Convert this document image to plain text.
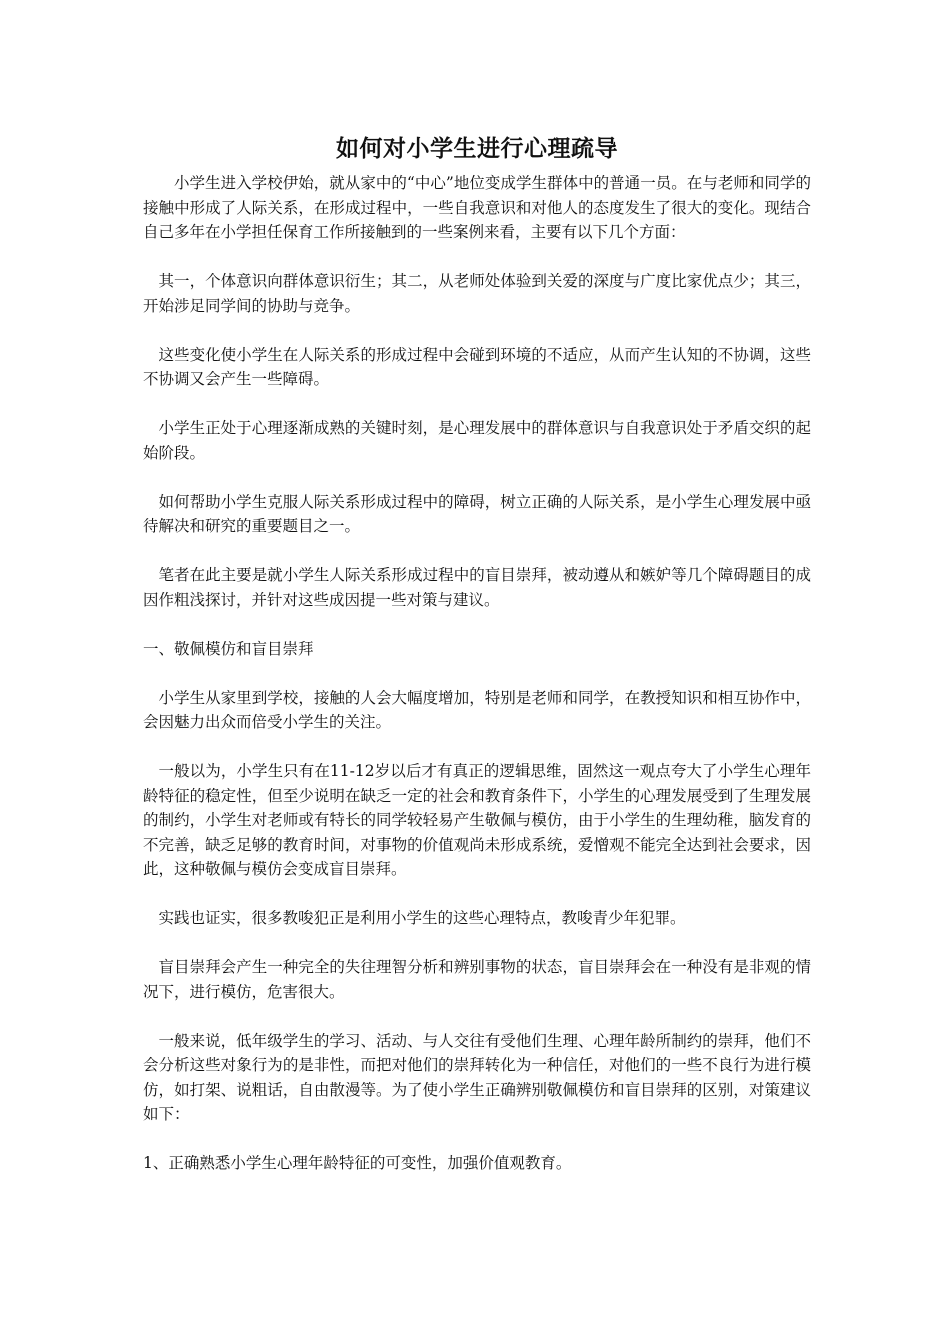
如何对小学生进行心理疏导

小学生进入学校伊始，就从家中的“中心”地位变成学生群体中的普通一员。在与老师和同学的接触中形成了人际关系，在形成过程中，一些自我意识和对他人的态度发生了很大的变化。现结合自己多年在小学担任保育工作所接触到的一些案例来看，主要有以下几个方面：

其一，个体意识向群体意识衍生；其二，从老师处体验到关爱的深度与广度比家优点少；其三，开始涉足同学间的协助与竞争。

这些变化使小学生在人际关系的形成过程中会碰到环境的不适应，从而产生认知的不协调，这些不协调又会产生一些障碍。

小学生正处于心理逐渐成熟的关键时刻，是心理发展中的群体意识与自我意识处于矛盾交织的起始阶段。

如何帮助小学生克服人际关系形成过程中的障碍，树立正确的人际关系，是小学生心理发展中亟待解决和研究的重要题目之一。

笔者在此主要是就小学生人际关系形成过程中的盲目崇拜，被动遵从和嫉妒等几个障碍题目的成因作粗浅探讨，并针对这些成因提一些对策与建议。

一、敬佩模仿和盲目崇拜

小学生从家里到学校，接触的人会大幅度增加，特别是老师和同学，在教授知识和相互协作中，会因魅力出众而倍受小学生的关注。

一般以为，小学生只有在11-12岁以后才有真正的逻辑思维，固然这一观点夸大了小学生心理年龄特征的稳定性，但至少说明在缺乏一定的社会和教育条件下，小学生的心理发展受到了生理发展的制约，小学生对老师或有特长的同学较轻易产生敬佩与模仿，由于小学生的生理幼稚，脑发育的不完善，缺乏足够的教育时间，对事物的价值观尚未形成系统，爱憎观不能完全达到社会要求，因此，这种敬佩与模仿会变成盲目崇拜。

实践也证实，很多教唆犯正是利用小学生的这些心理特点，教唆青少年犯罪。

盲目崇拜会产生一种完全的失往理智分析和辨别事物的状态，盲目崇拜会在一种没有是非观的情况下，进行模仿，危害很大。

一般来说，低年级学生的学习、活动、与人交往有受他们生理、心理年龄所制约的崇拜，他们不会分析这些对象行为的是非性，而把对他们的崇拜转化为一种信任，对他们的一些不良行为进行模仿，如打架、说粗话，自由散漫等。为了使小学生正确辨别敬佩模仿和盲目崇拜的区别，对策建议如下：

1、正确熟悉小学生心理年龄特征的可变性，加强价值观教育。
